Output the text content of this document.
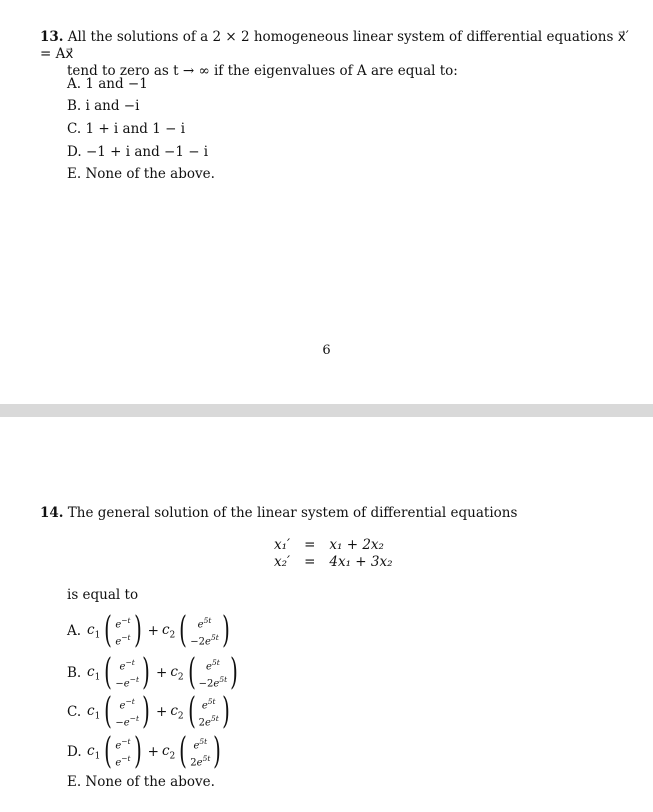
13. All the solutions of a 2 × 2 homogeneous linear system of differential equations x⃗′ = Ax⃗
tend to zero as t → ∞ if the eigenvalues of A are equal to:
A. 1 and −1
B. i and −i
C. 1 + i and 1 − i
D. −1 + i and −1 − i
E. None of the above.
6
14. The general solution of the linear system of differential equations
x₁′	=	x₁ + 2x₂
x₂′	=	4x₁ + 3x₂
is equal to
A. $c_1$ ( $e^{-t}$
$e^{-t}$ ) + $c_2$ ( $e^{5t}$
$-2e^{5t}$ )
B. $c_1$ ( $e^{-t}$
$-e^{-t}$ ) + $c_2$ ( $e^{5t}$
$-2e^{5t}$ )
C. $c_1$ ( $e^{-t}$
$-e^{-t}$ ) + $c_2$ ( $e^{5t}$
$2e^{5t}$ )
D. $c_1$ ( $e^{-t}$
$e^{-t}$ ) + $c_2$ ( $e^{5t}$
$2e^{5t}$ )
E. None of the above.
